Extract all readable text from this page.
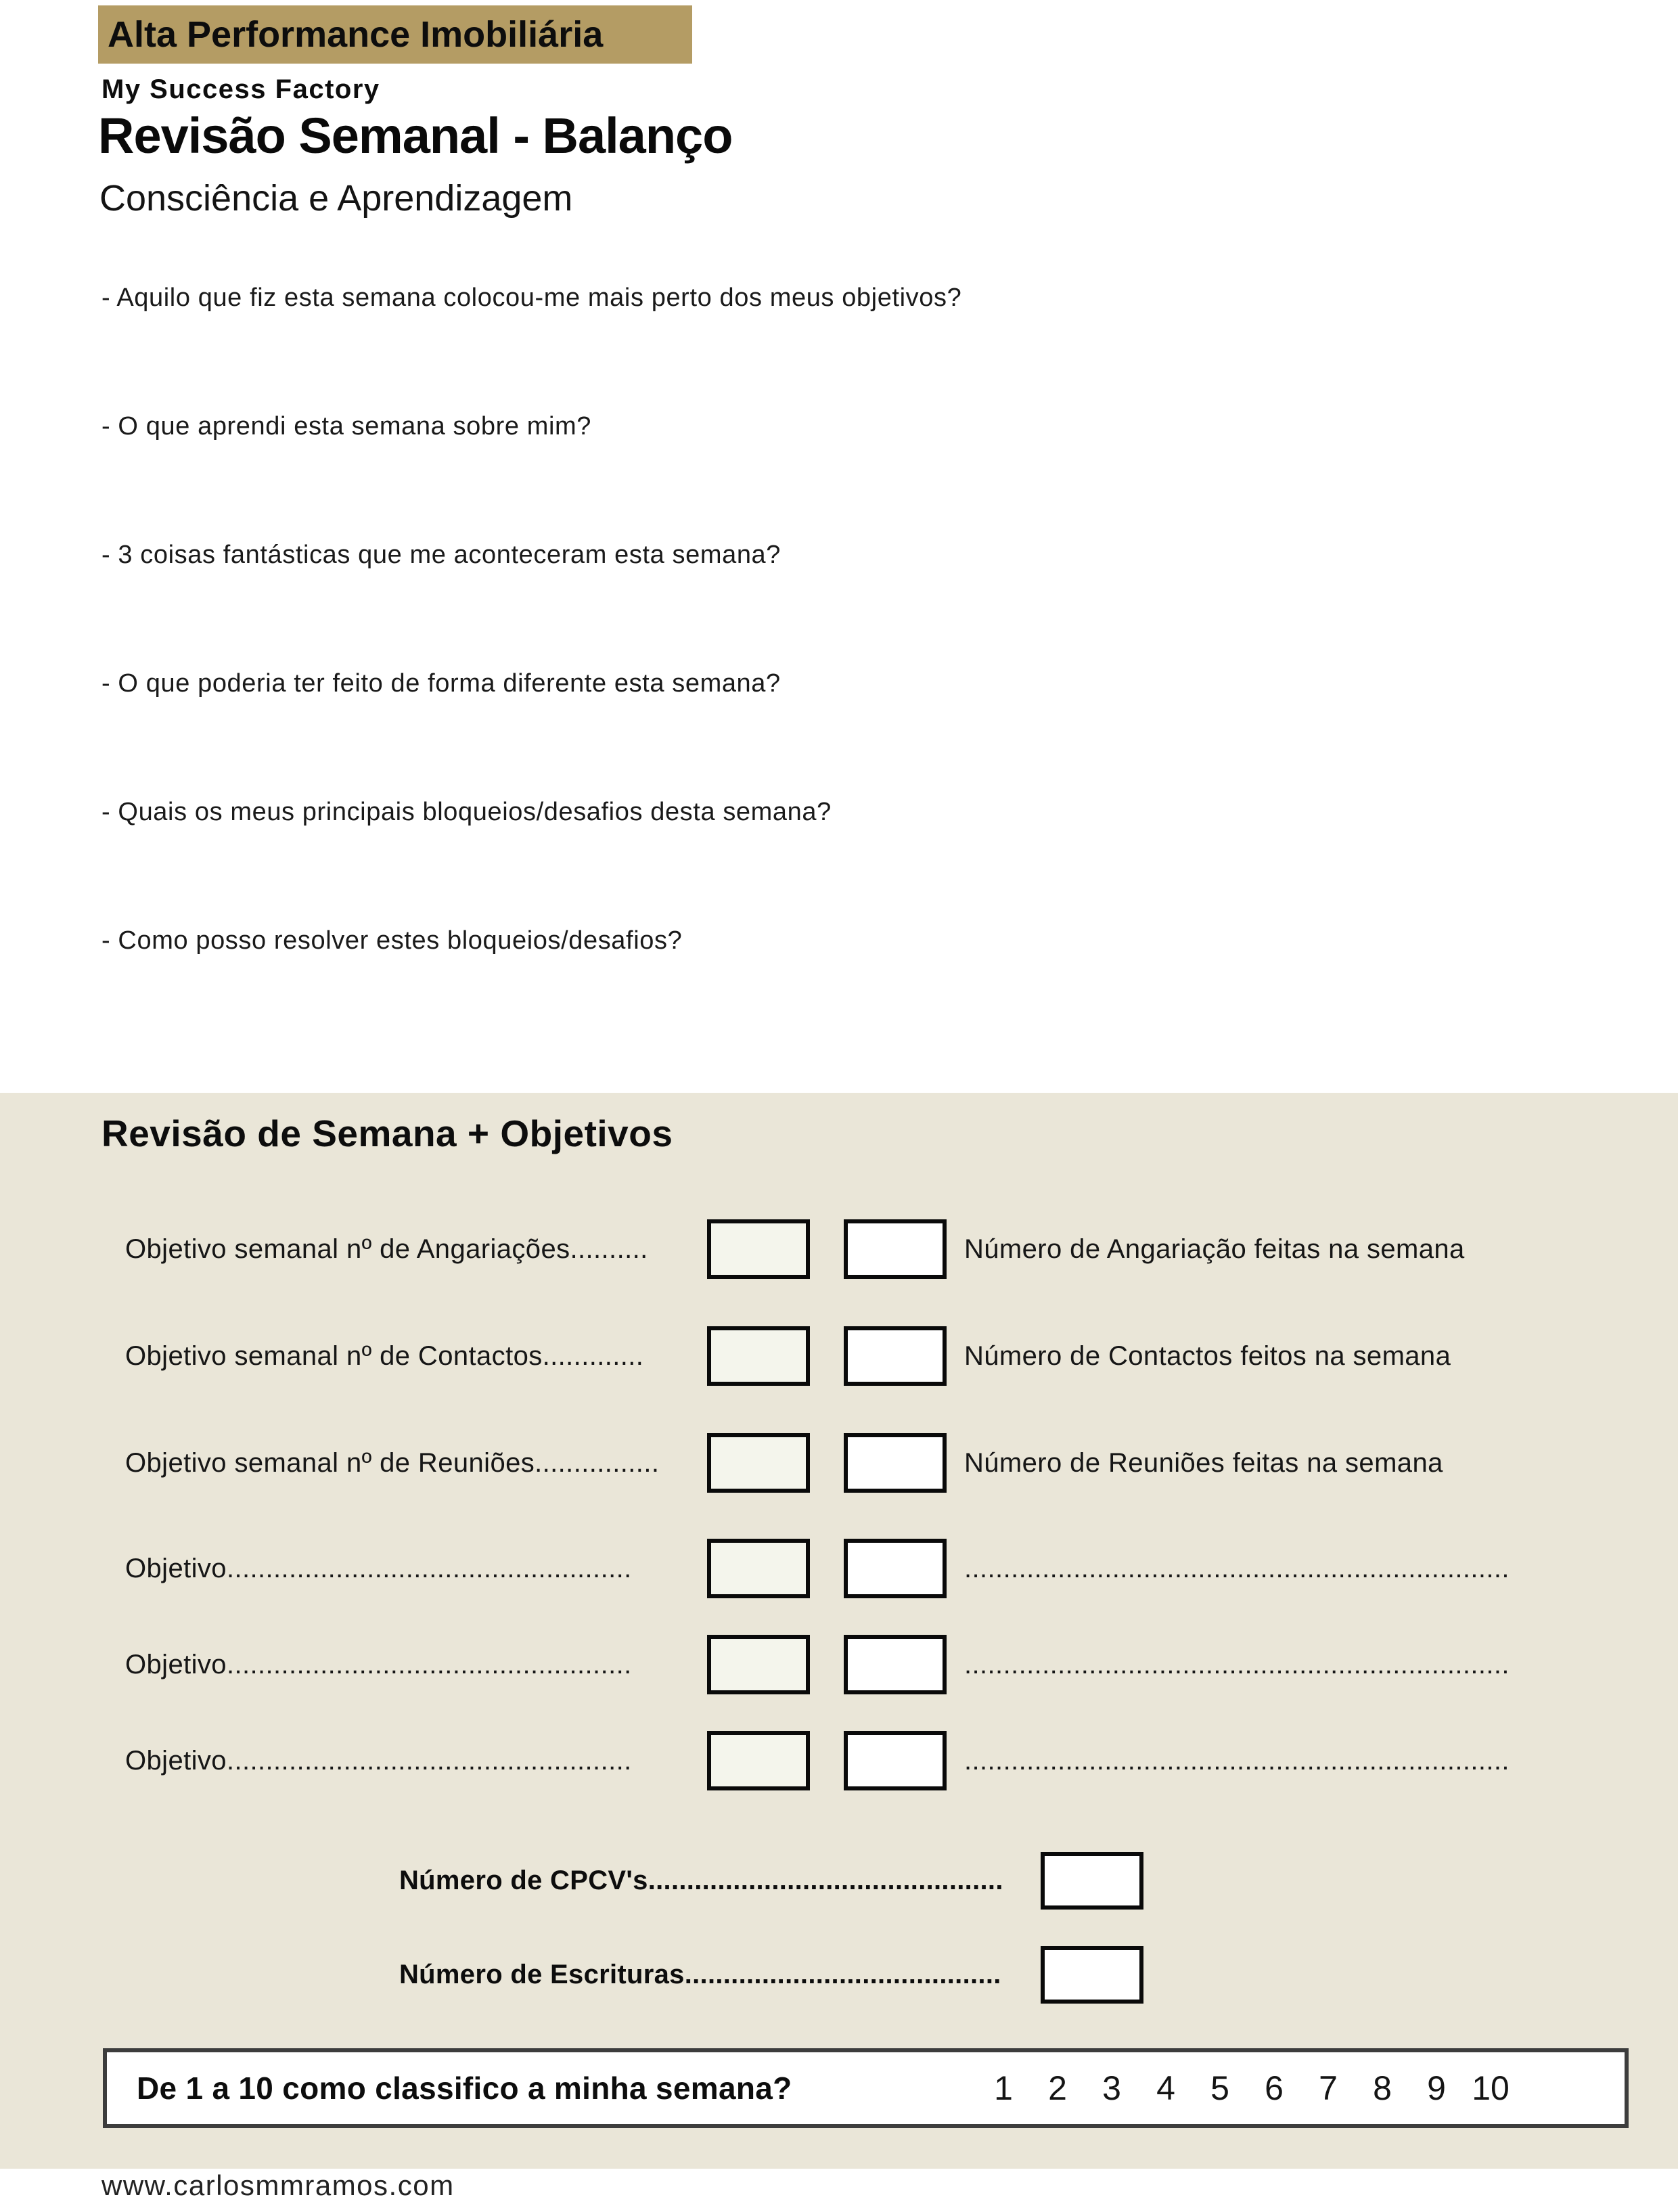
Alta Performance Imobiliária
My Success Factory
Revisão Semanal - Balanço
Consciência e Aprendizagem
- Aquilo que fiz esta semana colocou-me mais perto dos meus objetivos?
- O que aprendi esta semana sobre mim?
- 3 coisas fantásticas que me aconteceram esta semana?
- O que poderia ter feito de forma diferente esta semana?
- Quais os meus principais bloqueios/desafios desta semana?
- Como posso resolver estes bloqueios/desafios?
Revisão de Semana + Objetivos
Objetivo semanal nº de Angariações..........	Número de Angariação feitas na semana
Objetivo semanal nº de Contactos.............	Número de Contactos feitos na semana
Objetivo semanal nº de Reuniões................	Número de Reuniões feitas na semana
Objetivo....................................................	......................................................................
Objetivo....................................................	......................................................................
Objetivo....................................................	......................................................................
Número de CPCV's..............................................
Número de Escrituras.........................................
De 1 a 10 como classifico a minha semana?	1	2	3	4	5	6	7	8	9 10
www.carlosmmramos.com
